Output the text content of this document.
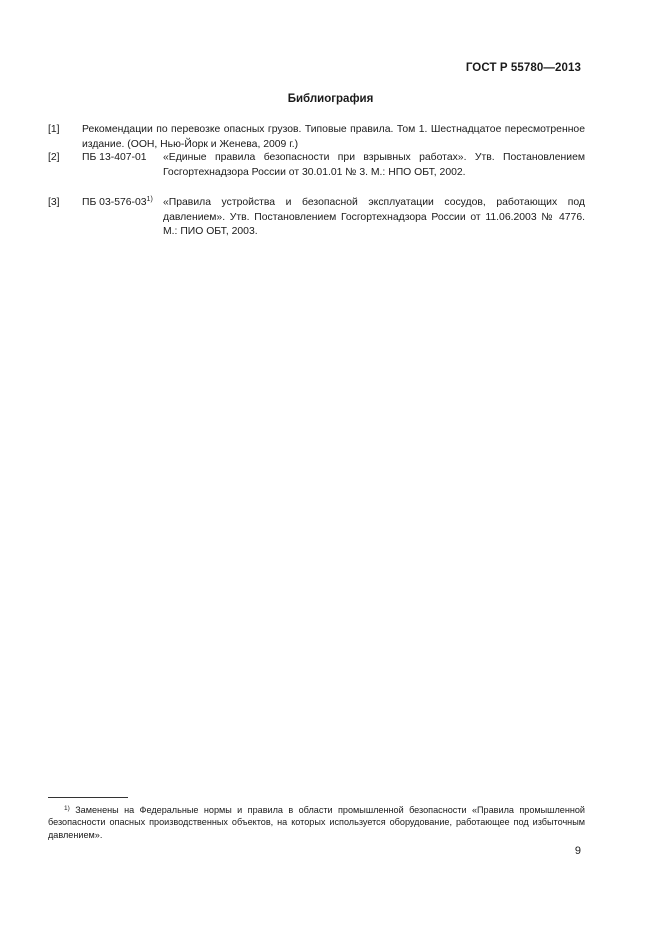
ГОСТ Р 55780—2013
Библиография
[1] Рекомендации по перевозке опасных грузов. Типовые правила. Том 1. Шестнадцатое пересмотренное издание. (ООН, Нью-Йорк и Женева, 2009 г.)
[2] ПБ 13-407-01 «Единые правила безопасности при взрывных работах». Утв. Постановлением Госгортехнадзора России от 30.01.01 № 3. М.: НПО ОБТ, 2002.
[3] ПБ 03-576-03$^{1)}$ «Правила устройства и безопасной эксплуатации сосудов, работающих под давлением». Утв. Постановлением Госгортехнадзора России от 11.06.2003 № 4776. М.: ПИО ОБТ, 2003.
$^{1)}$ Заменены на Федеральные нормы и правила в области промышленной безопасности «Правила промышленной безопасности опасных производственных объектов, на которых используется оборудование, работающее под избыточным давлением».
9
